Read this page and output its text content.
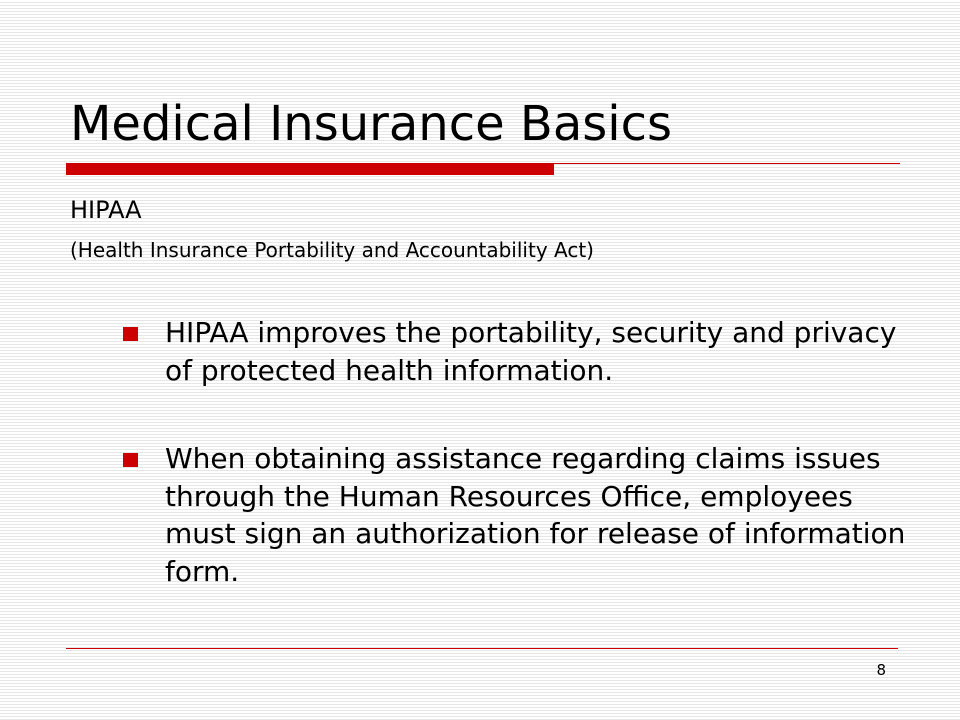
Medical Insurance Basics
HIPAA
(Health Insurance Portability and Accountability Act)
HIPAA improves the portability, security and privacy of protected health information.
When obtaining assistance regarding claims issues through the Human Resources Office, employees must sign an authorization for release of information form.
8
